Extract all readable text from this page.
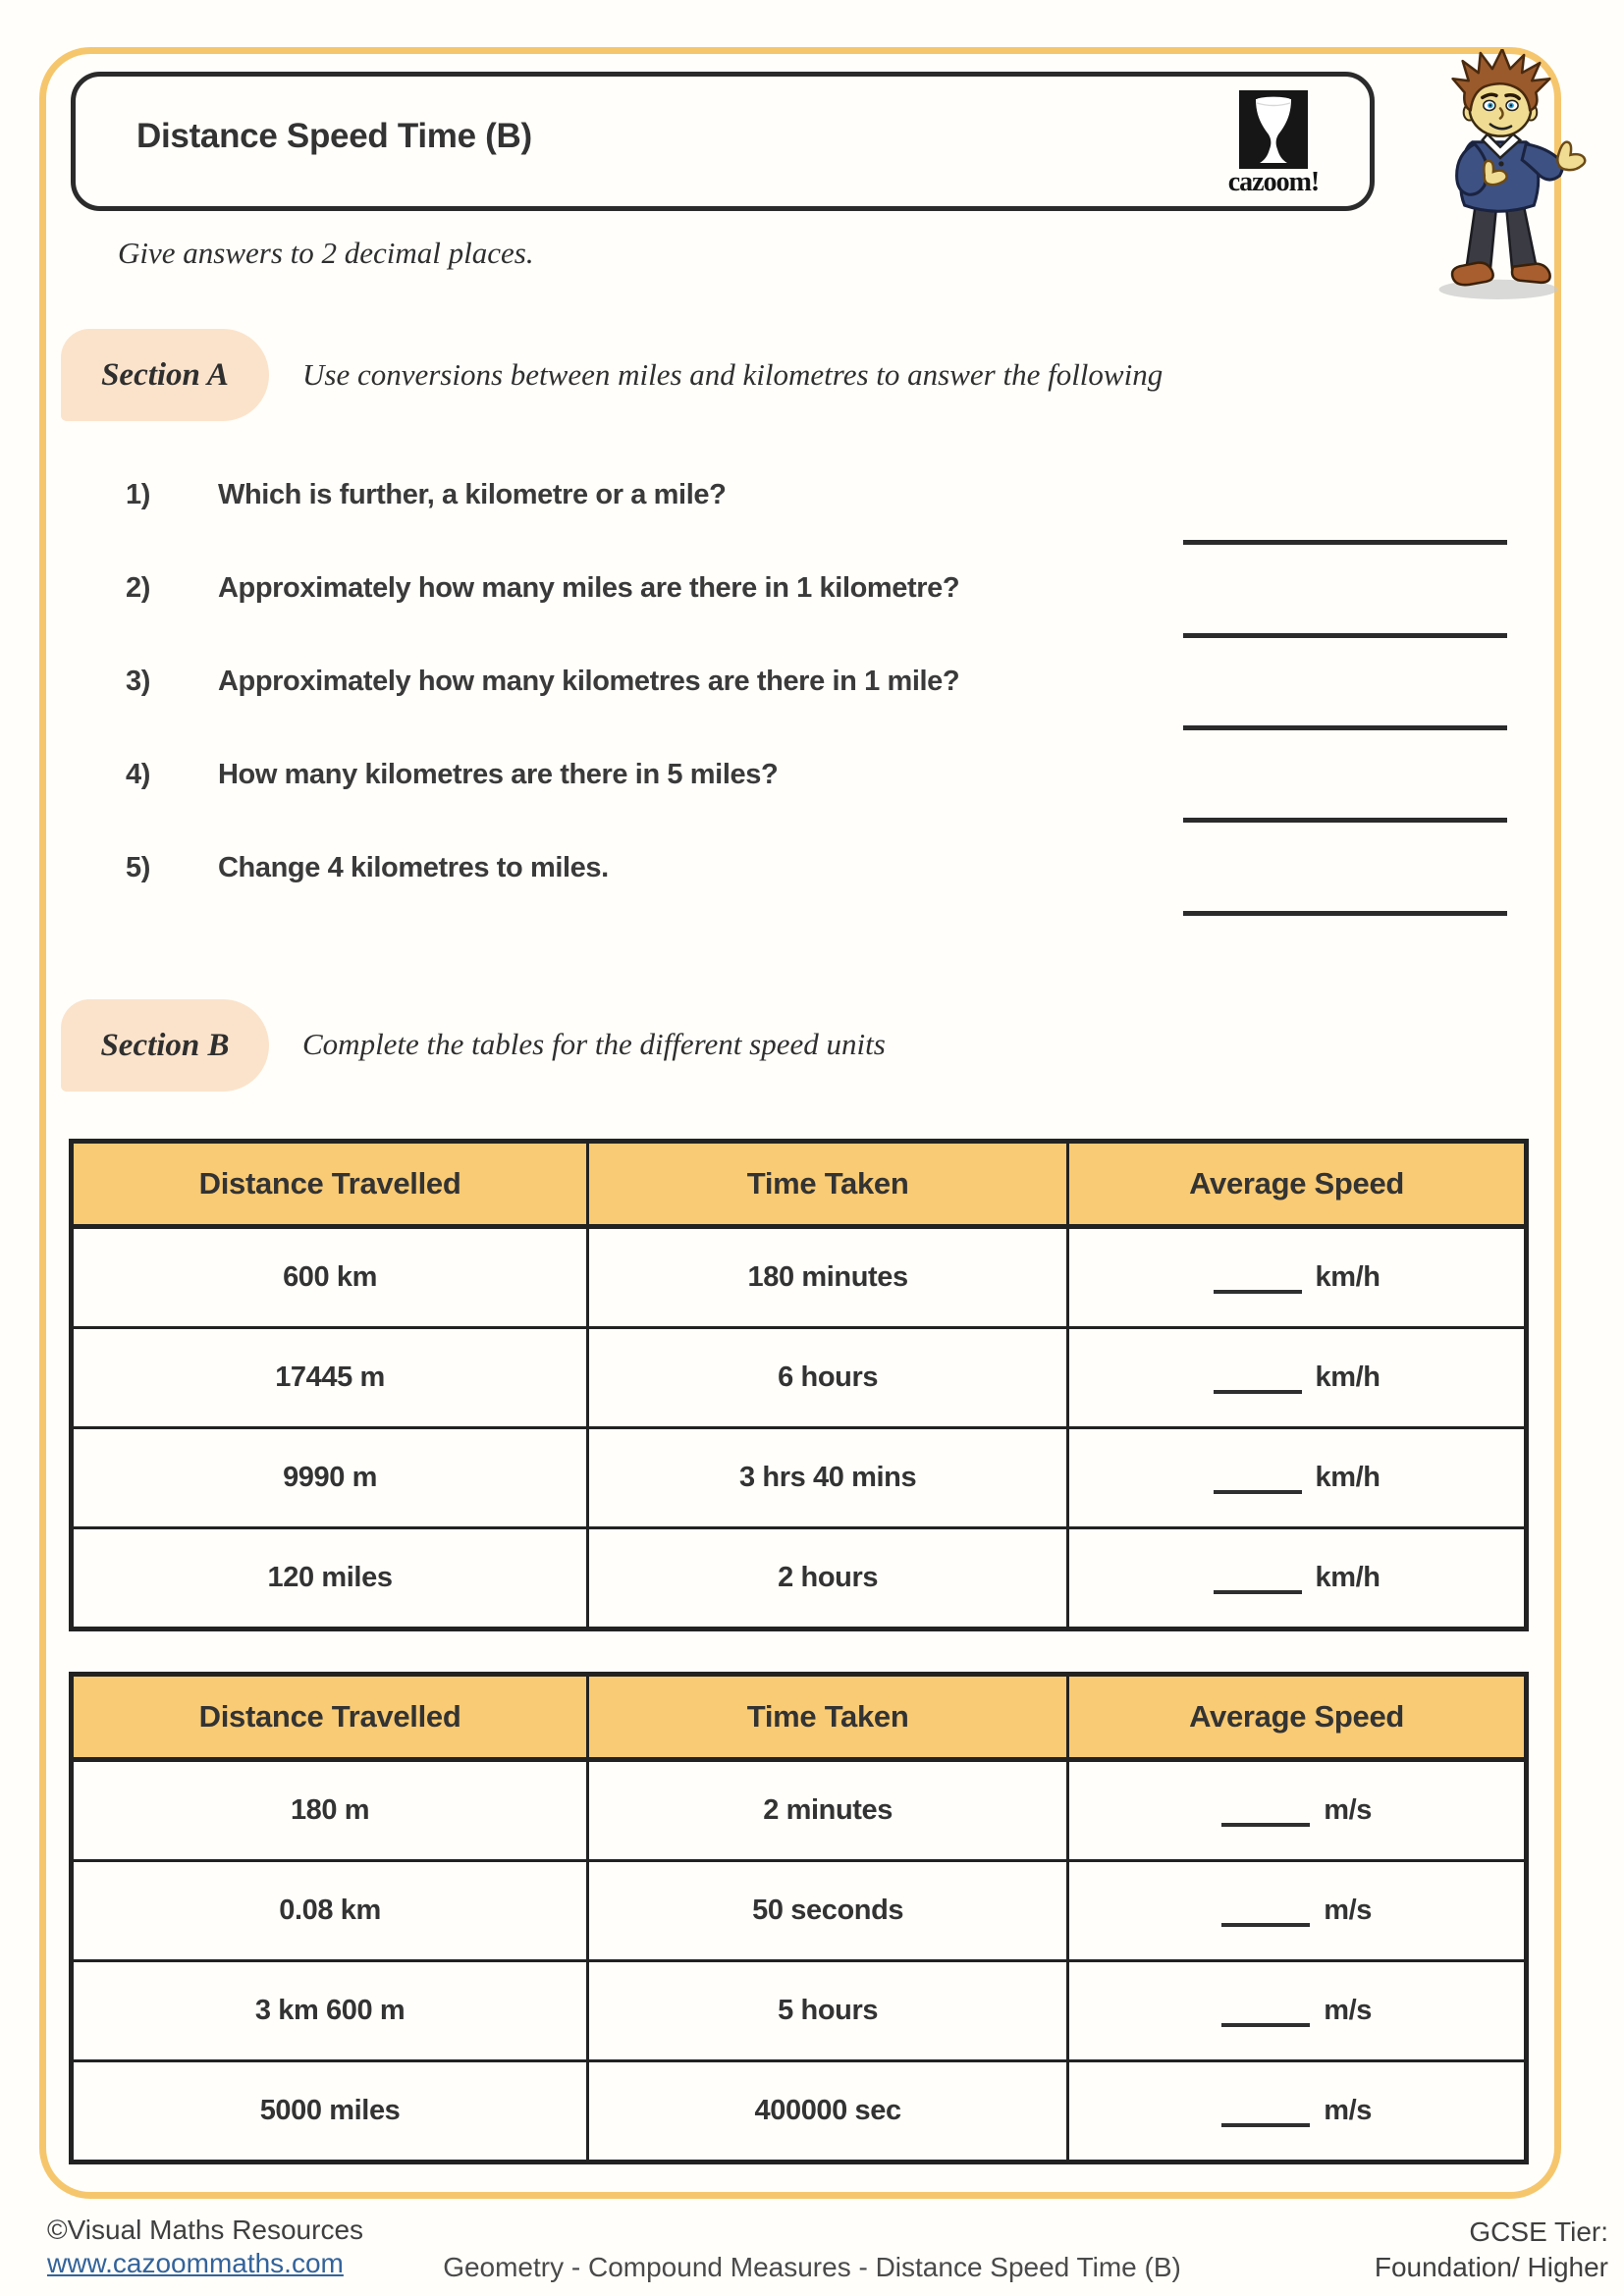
Distance Speed Time (B)
cazoom!
Give answers to 2 decimal places.
Section A	Use conversions between miles and kilometres to answer the following
1) Which is further, a kilometre or a mile?
2) Approximately how many miles are there in 1 kilometre?
3) Approximately how many kilometres are there in 1 mile?
4) How many kilometres are there in 5 miles?
5) Change 4 kilometres to miles.
Section B	Complete the tables for the different speed units
Distance Travelled	Time Taken	Average Speed
600 km	180 minutes	km/h
17445 m	6 hours	km/h
9990 m	3 hrs 40 mins	km/h
120 miles	2 hours	km/h
Distance Travelled	Time Taken	Average Speed
180 m	2 minutes	m/s
0.08 km	50 seconds	m/s
3 km 600 m	5 hours	m/s
5000 miles	400000 sec	m/s
©Visual Maths Resources
www.cazoommaths.com	Geometry - Compound Measures - Distance Speed Time (B)
GCSE Tier:
Foundation/ Higher
